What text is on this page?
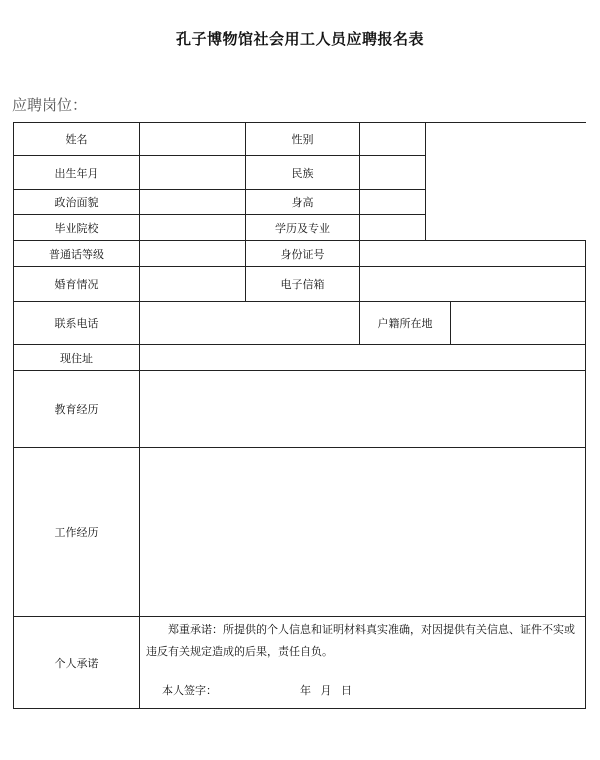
孔子博物馆社会用工人员应聘报名表
应聘岗位：
姓名		性别			
出生年月		民族			
政治面貌		身高			
毕业院校		学历及专业			
普通话等级		身份证号			
婚育情况		电子信箱			
联系电话			户籍所在地		
现住址					
教育经历					
工作经历					
个人承诺	郑重承诺：所提供的个人信息和证明材料真实准确，对因提供有关信息、证件不实或违反有关规定造成的后果，责任自负。
本人签字： 年 月 日				
